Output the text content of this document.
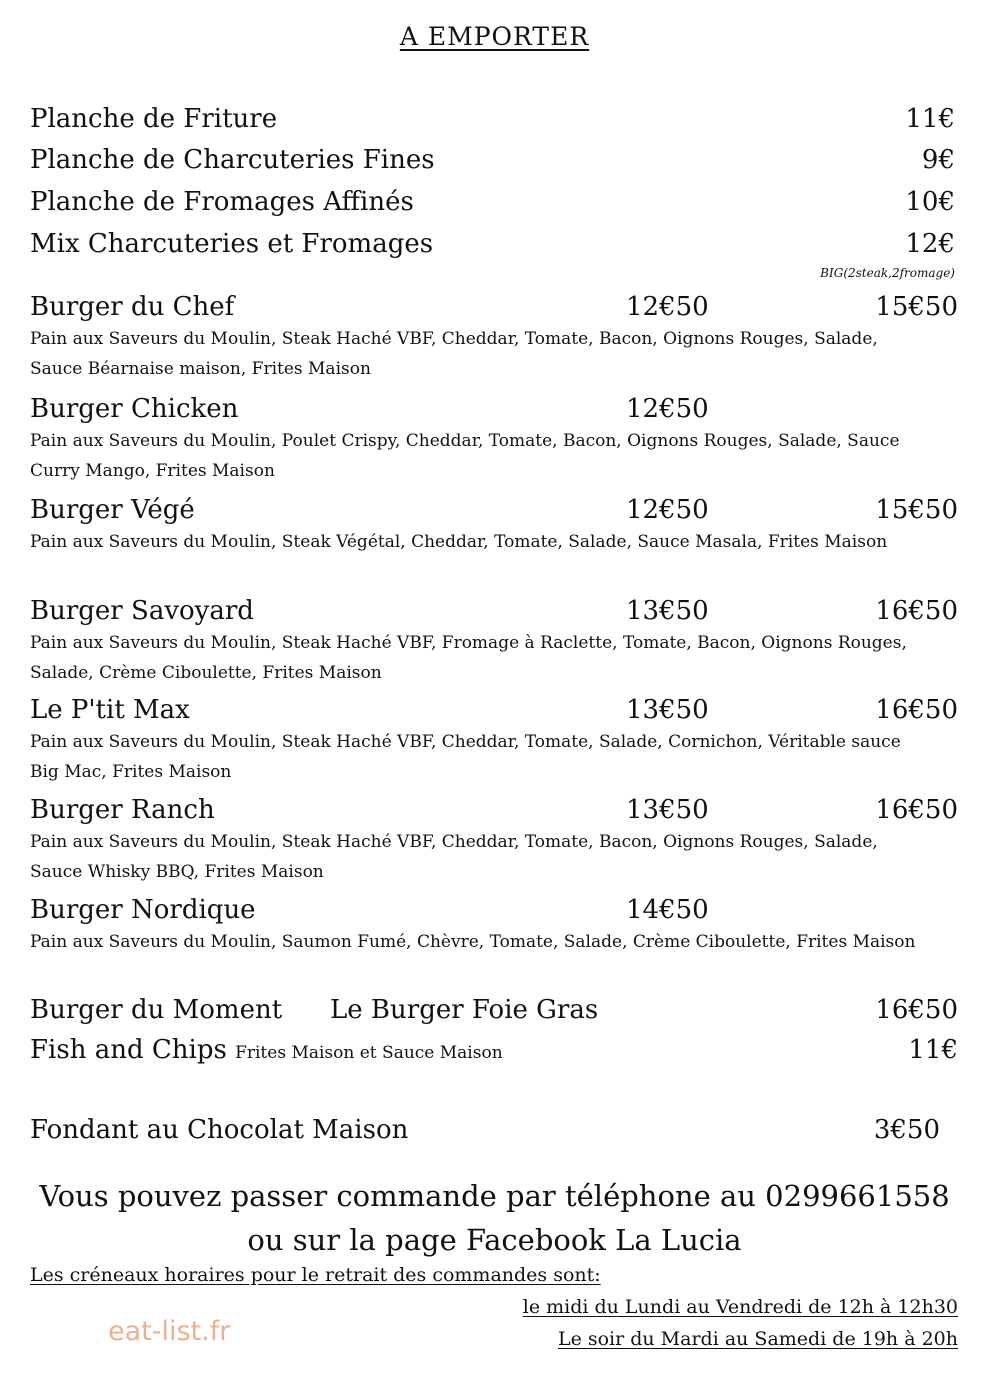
A EMPORTER
Planche de Friture	11€
Planche de Charcuteries Fines	9€
Planche de Fromages Affinés	10€
Mix Charcuteries et Fromages	12€
BIG(2steak,2fromage)
Burger du Chef	12€50	15€50
Pain aux Saveurs du Moulin, Steak Haché VBF, Cheddar, Tomate, Bacon, Oignons Rouges, Salade, Sauce Béarnaise maison, Frites Maison
Burger Chicken	12€50
Pain aux Saveurs du Moulin, Poulet Crispy, Cheddar, Tomate, Bacon, Oignons Rouges, Salade, Sauce Curry Mango, Frites Maison
Burger Végé	12€50	15€50
Pain aux Saveurs du Moulin, Steak Végétal, Cheddar, Tomate, Salade, Sauce Masala, Frites Maison
Burger Savoyard	13€50	16€50
Pain aux Saveurs du Moulin, Steak Haché VBF, Fromage à Raclette, Tomate, Bacon, Oignons Rouges, Salade, Crème Ciboulette, Frites Maison
Le P'tit Max	13€50	16€50
Pain aux Saveurs du Moulin, Steak Haché VBF, Cheddar, Tomate, Salade, Cornichon, Véritable sauce Big Mac, Frites Maison
Burger Ranch	13€50	16€50
Pain aux Saveurs du Moulin, Steak Haché VBF, Cheddar, Tomate, Bacon, Oignons Rouges, Salade, Sauce Whisky BBQ, Frites Maison
Burger Nordique	14€50
Pain aux Saveurs du Moulin, Saumon Fumé, Chèvre, Tomate, Salade, Crème Ciboulette, Frites Maison
Burger du Moment Le Burger Foie Gras	16€50
Fish and Chips Frites Maison et Sauce Maison	11€
Fondant au Chocolat Maison	3€50
Vous pouvez passer commande par téléphone au 0299661558
ou sur la page Facebook La Lucia
Les créneaux horaires pour le retrait des commandes sont:
le midi du Lundi au Vendredi de 12h à 12h30
Le soir du Mardi au Samedi de 19h à 20h
eat-list.fr
